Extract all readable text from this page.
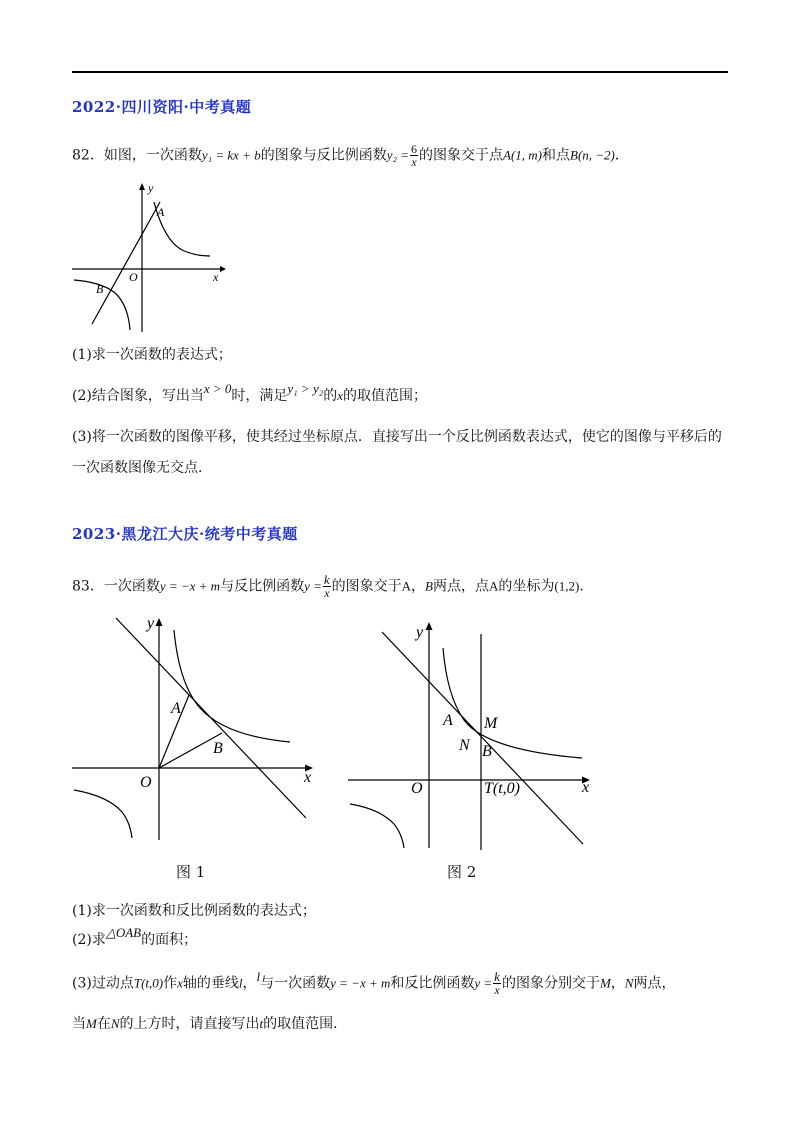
2022·四川资阳·中考真题
82．如图，一次函数y₁ = kx + b的图象与反比例函数$y_2 = \frac{6}{x}$ 的图象交于点A(1, m)和点B(n, −2)．
y
x
O
A
B
(1)求一次函数的表达式；
(2)结合图象，写出当x > 0时，满足y₁ > y₂的x的取值范围；
(3)将一次函数的图像平移，使其经过坐标原点．直接写出一个反比例函数表达式，使它的图像与平移后的
一次函数图像无交点．
2023·黑龙江大庆·统考中考真题
83．一次函数y = −x + m与反比例函数$y = \frac{k}{x}$ 的图象交于A，B两点，点A的坐标为(1,2)．
y
x
O
A
B
图 1
y
x
O
A M
N B
T(t,0)
图 2
(1)求一次函数和反比例函数的表达式；
(2)求△OAB的面积；
(3)过动点T(t,0)作x轴的垂线l，l与一次函数y = −x + m和反比例函数$y = \frac{k}{x}$ 的图象分别交于M，N两点，
当M在N的上方时，请直接写出t的取值范围．
